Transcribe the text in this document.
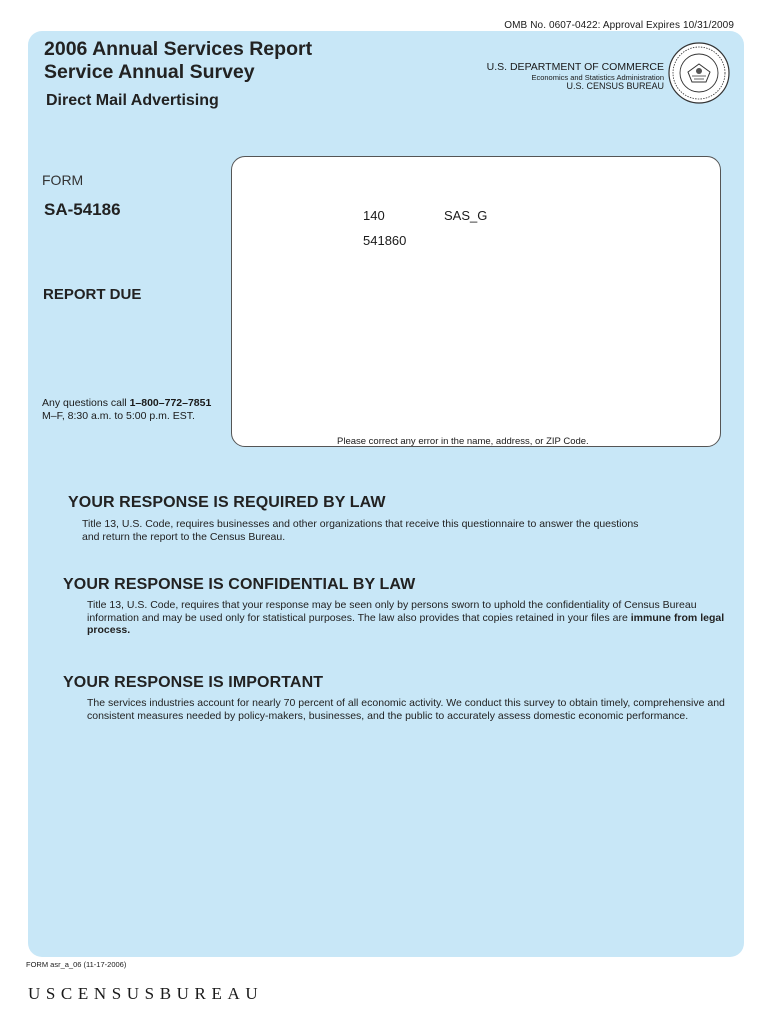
OMB No. 0607-0422: Approval Expires 10/31/2009
2006 Annual Services Report
Service Annual Survey
Direct Mail Advertising
U.S. DEPARTMENT OF COMMERCE
Economics and Statistics Administration
U.S. CENSUS BUREAU
FORM
SA-54186
REPORT DUE
Any questions call 1–800–772–7851
M–F, 8:30 a.m. to 5:00 p.m. EST.
140	SAS_G
541860
Please correct any error in the name, address, or ZIP Code.
YOUR RESPONSE IS REQUIRED BY LAW
Title 13, U.S. Code, requires businesses and other organizations that receive this questionnaire to answer the questions and return the report to the Census Bureau.
YOUR RESPONSE IS CONFIDENTIAL BY LAW
Title 13, U.S. Code, requires that your response may be seen only by persons sworn to uphold the confidentiality of Census Bureau information and may be used only for statistical purposes. The law also provides that copies retained in your files are immune from legal process.
YOUR RESPONSE IS IMPORTANT
The services industries account for nearly 70 percent of all economic activity. We conduct this survey to obtain timely, comprehensive and consistent measures needed by policy-makers, businesses, and the public to accurately assess domestic economic performance.
FORM asr_a_06 (11-17-2006)
USCENSUSBUREAU
